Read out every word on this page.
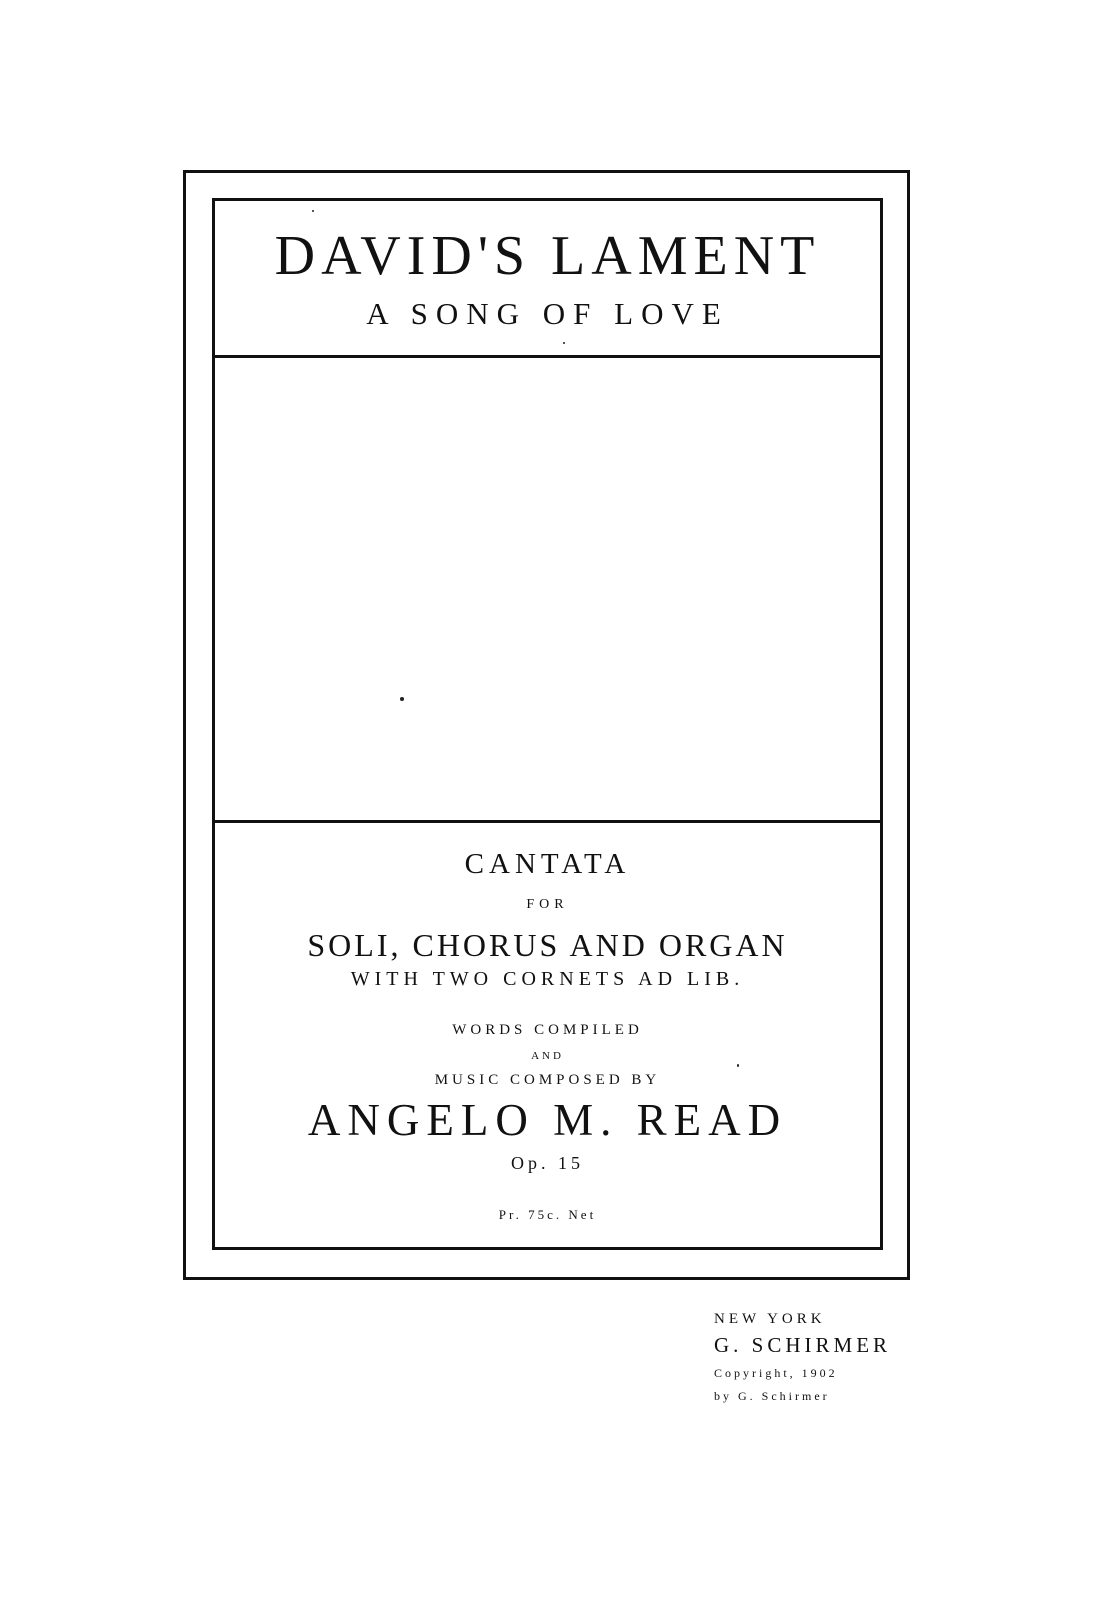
DAVID'S LAMENT
A SONG OF LOVE
CANTATA
FOR
SOLI, CHORUS AND ORGAN
WITH TWO CORNETS AD LIB.
WORDS COMPILED
AND
MUSIC COMPOSED BY
ANGELO M. READ
Op. 15
Pr. 75c. Net
NEW YORK
G. SCHIRMER
Copyright, 1902
by G. Schirmer
